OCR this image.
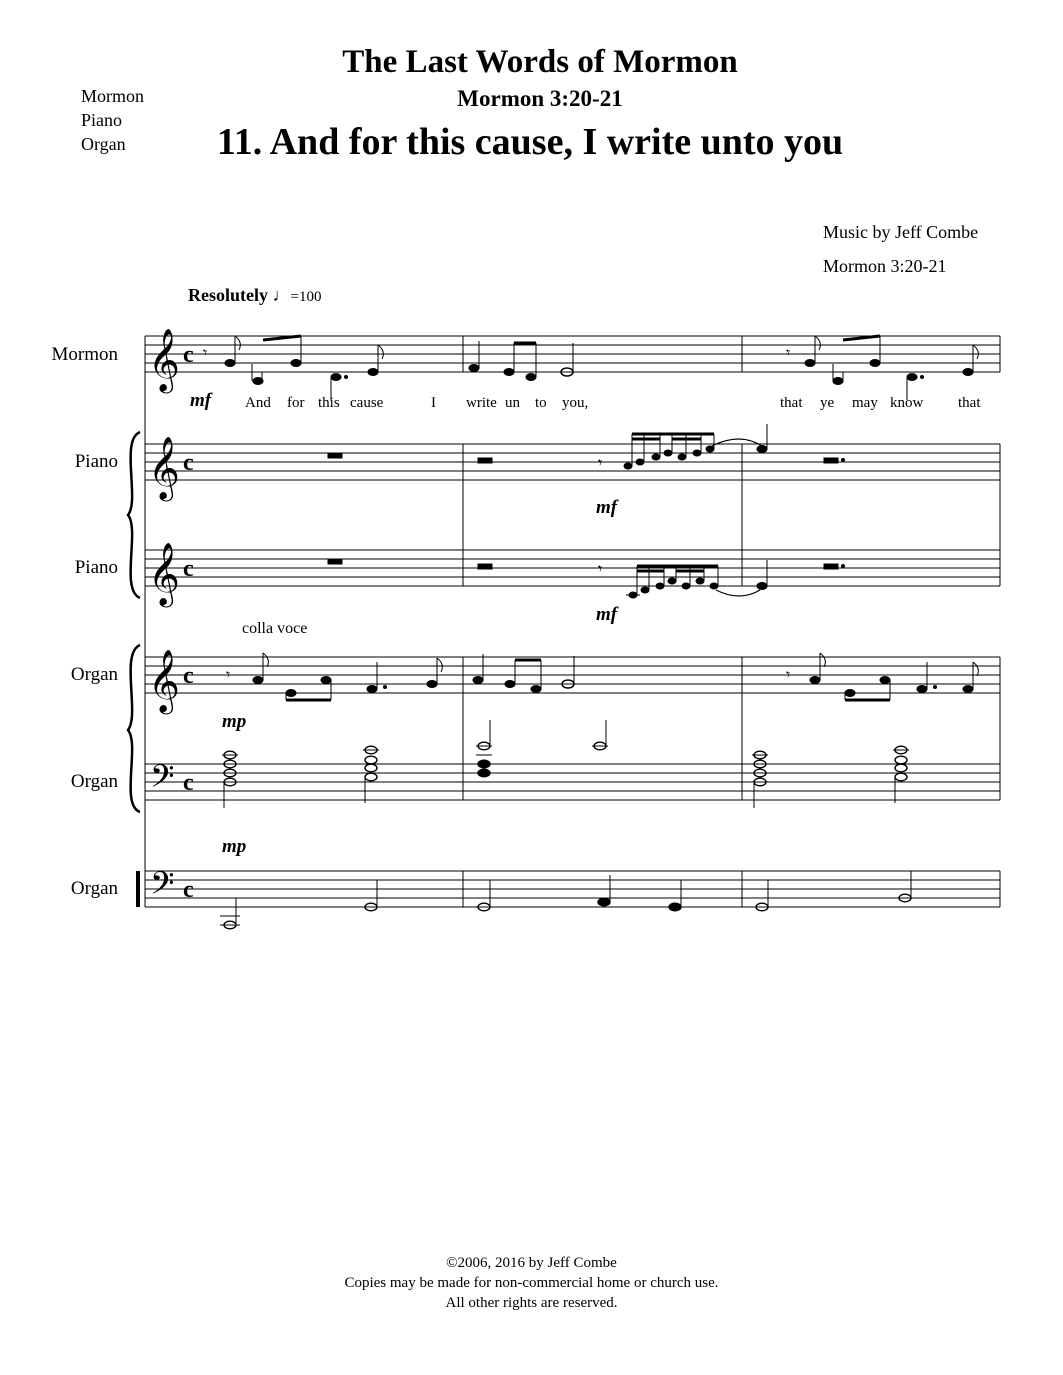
Mormon
Piano
Organ
The Last Words of Mormon
Mormon 3:20-21
11. And for this cause, I write unto you
Music by Jeff Combe
Mormon 3:20-21
Resolutely ♩=100
colla voce
Mormon
Piano
Piano
Organ
Organ
Organ
mf
mf
mf
mp
mp
And for this cause	I write un to you,	that ye may know that
𝄞
𝄞
𝄞
𝄞
𝄢
𝄢
c
c
c
c
c
c
𝄾	𝄾
𝄾
𝄾
𝄾	𝄾
©2006, 2016 by Jeff Combe
Copies may be made for non-commercial home or church use.
All other rights are reserved.
